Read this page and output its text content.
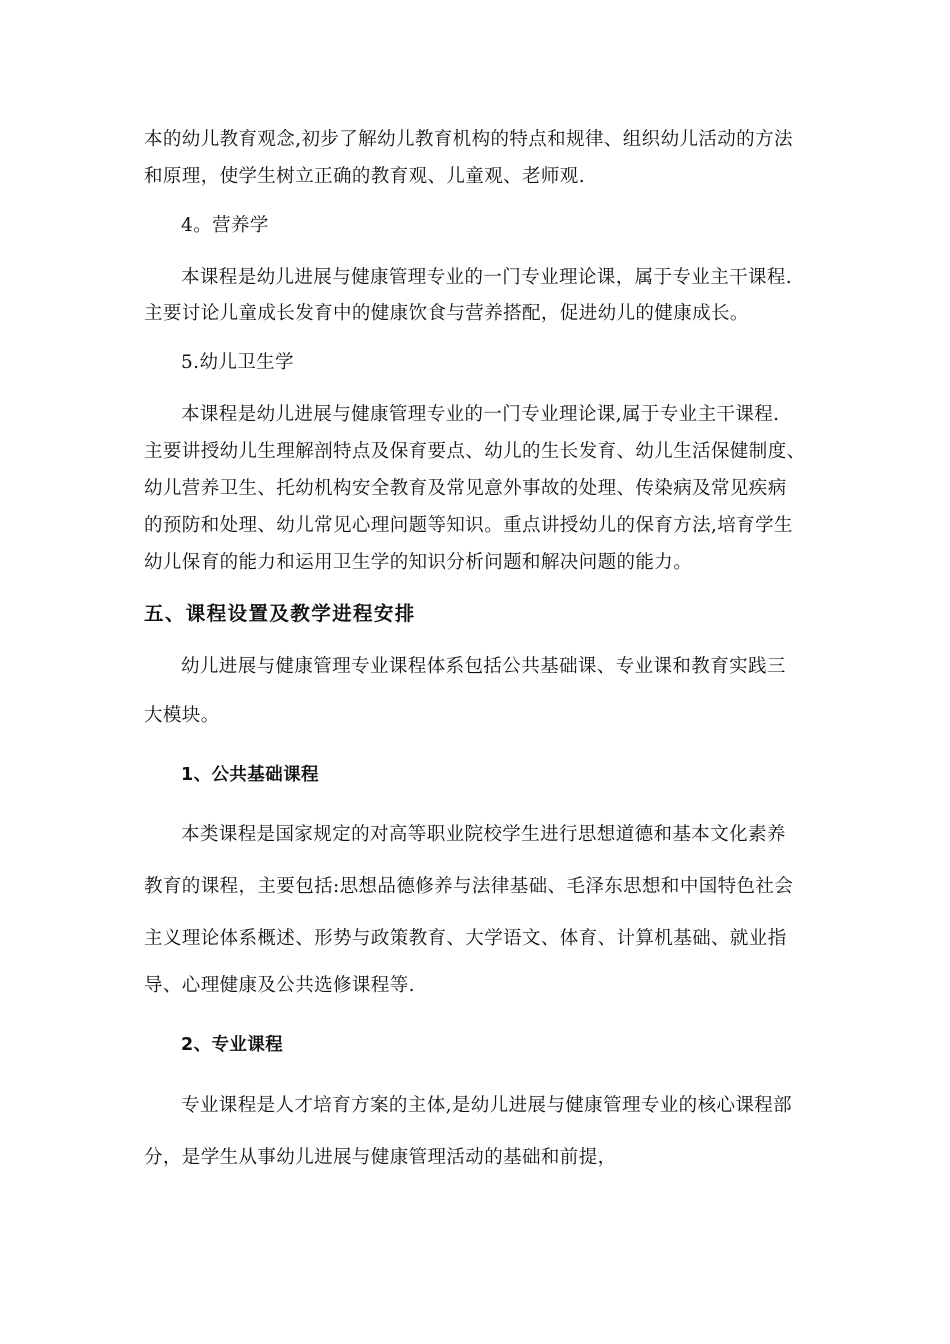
本的幼儿教育观念,初步了解幼儿教育机构的特点和规律、组织幼儿活动的方法
和原理，使学生树立正确的教育观、儿童观、老师观.
4。营养学
本课程是幼儿进展与健康管理专业的一门专业理论课，属于专业主干课程.
主要讨论儿童成长发育中的健康饮食与营养搭配，促进幼儿的健康成长。
5.幼儿卫生学
本课程是幼儿进展与健康管理专业的一门专业理论课,属于专业主干课程.
主要讲授幼儿生理解剖特点及保育要点、幼儿的生长发育、幼儿生活保健制度、
幼儿营养卫生、托幼机构安全教育及常见意外事故的处理、传染病及常见疾病
的预防和处理、幼儿常见心理问题等知识。重点讲授幼儿的保育方法,培育学生
幼儿保育的能力和运用卫生学的知识分析问题和解决问题的能力。
五、课程设置及教学进程安排
幼儿进展与健康管理专业课程体系包括公共基础课、专业课和教育实践三
大模块。
1、公共基础课程
本类课程是国家规定的对高等职业院校学生进行思想道德和基本文化素养
教育的课程，主要包括:思想品德修养与法律基础、毛泽东思想和中国特色社会
主义理论体系概述、形势与政策教育、大学语文、体育、计算机基础、就业指
导、心理健康及公共选修课程等.
2、专业课程
专业课程是人才培育方案的主体,是幼儿进展与健康管理专业的核心课程部
分，是学生从事幼儿进展与健康管理活动的基础和前提，
